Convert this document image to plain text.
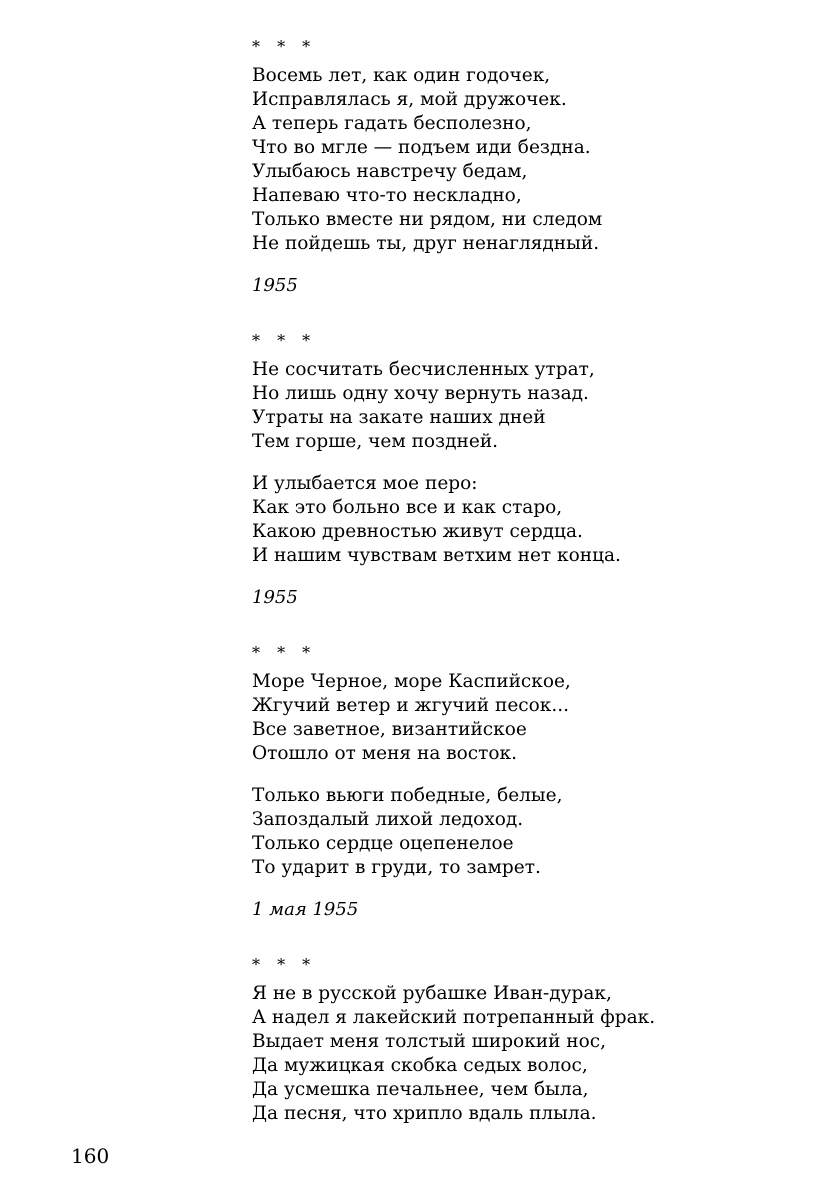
* * *
Восемь лет, как один годочек,
Исправлялась я, мой дружочек.
А теперь гадать бесполезно,
Что во мгле — подъем иди бездна.
Улыбаюсь навстречу бедам,
Напеваю что-то нескладно,
Только вместе ни рядом, ни следом
Не пойдешь ты, друг ненаглядный.
1955
* * *
Не сосчитать бесчисленных утрат,
Но лишь одну хочу вернуть назад.
Утраты на закате наших дней
Тем горше, чем поздней.
И улыбается мое перо:
Как это больно все и как старо,
Какою древностью живут сердца.
И нашим чувствам ветхим нет конца.
1955
* * *
Море Черное, море Каспийское,
Жгучий ветер и жгучий песок...
Все заветное, византийское
Отошло от меня на восток.
Только вьюги победные, белые,
Запоздалый лихой ледоход.
Только сердце оцепенелое
То ударит в груди, то замрет.
1 мая 1955
* * *
Я не в русской рубашке Иван-дурак,
А надел я лакейский потрепанный фрак.
Выдает меня толстый широкий нос,
Да мужицкая скобка седых волос,
Да усмешка печальнее, чем была,
Да песня, что хрипло вдаль плыла.
160
